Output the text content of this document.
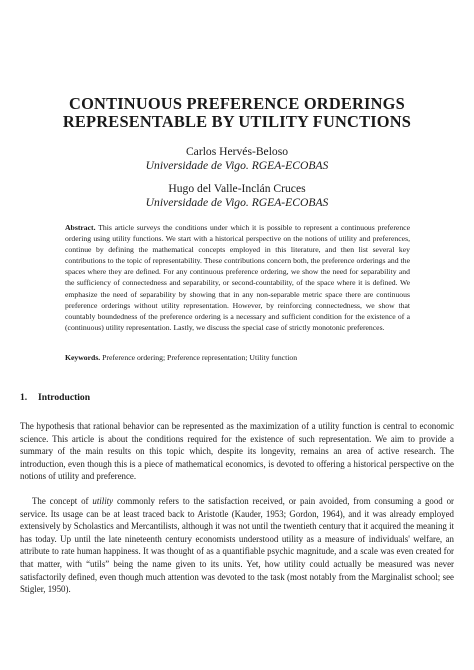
CONTINUOUS PREFERENCE ORDERINGS
REPRESENTABLE BY UTILITY FUNCTIONS
Carlos Hervés-Beloso
Universidade de Vigo. RGEA-ECOBAS
Hugo del Valle-Inclán Cruces
Universidade de Vigo. RGEA-ECOBAS
Abstract. This article surveys the conditions under which it is possible to represent a continuous preference ordering using utility functions. We start with a historical perspective on the notions of utility and preferences, continue by defining the mathematical concepts employed in this literature, and then list several key contributions to the topic of representability. These contributions concern both, the preference orderings and the spaces where they are defined. For any continuous preference ordering, we show the need for separability and the sufficiency of connectedness and separability, or second-countability, of the space where it is defined. We emphasize the need of separability by showing that in any non-separable metric space there are continuous preference orderings without utility representation. However, by reinforcing connectedness, we show that countably boundedness of the preference ordering is a necessary and sufficient condition for the existence of a (continuous) utility representation. Lastly, we discuss the special case of strictly monotonic preferences.
Keywords. Preference ordering; Preference representation; Utility function
1. Introduction
The hypothesis that rational behavior can be represented as the maximization of a utility function is central to economic science. This article is about the conditions required for the existence of such representation. We aim to provide a summary of the main results on this topic which, despite its longevity, remains an area of active research. The introduction, even though this is a piece of mathematical economics, is devoted to offering a historical perspective on the notions of utility and preference.
The concept of utility commonly refers to the satisfaction received, or pain avoided, from consuming a good or service. Its usage can be at least traced back to Aristotle (Kauder, 1953; Gordon, 1964), and it was already employed extensively by Scholastics and Mercantilists, although it was not until the twentieth century that it acquired the meaning it has today. Up until the late nineteenth century economists understood utility as a measure of individuals' welfare, an attribute to rate human happiness. It was thought of as a quantifiable psychic magnitude, and a scale was even created for that matter, with “utils” being the name given to its units. Yet, how utility could actually be measured was never satisfactorily defined, even though much attention was devoted to the task (most notably from the Marginalist school; see Stigler, 1950).
